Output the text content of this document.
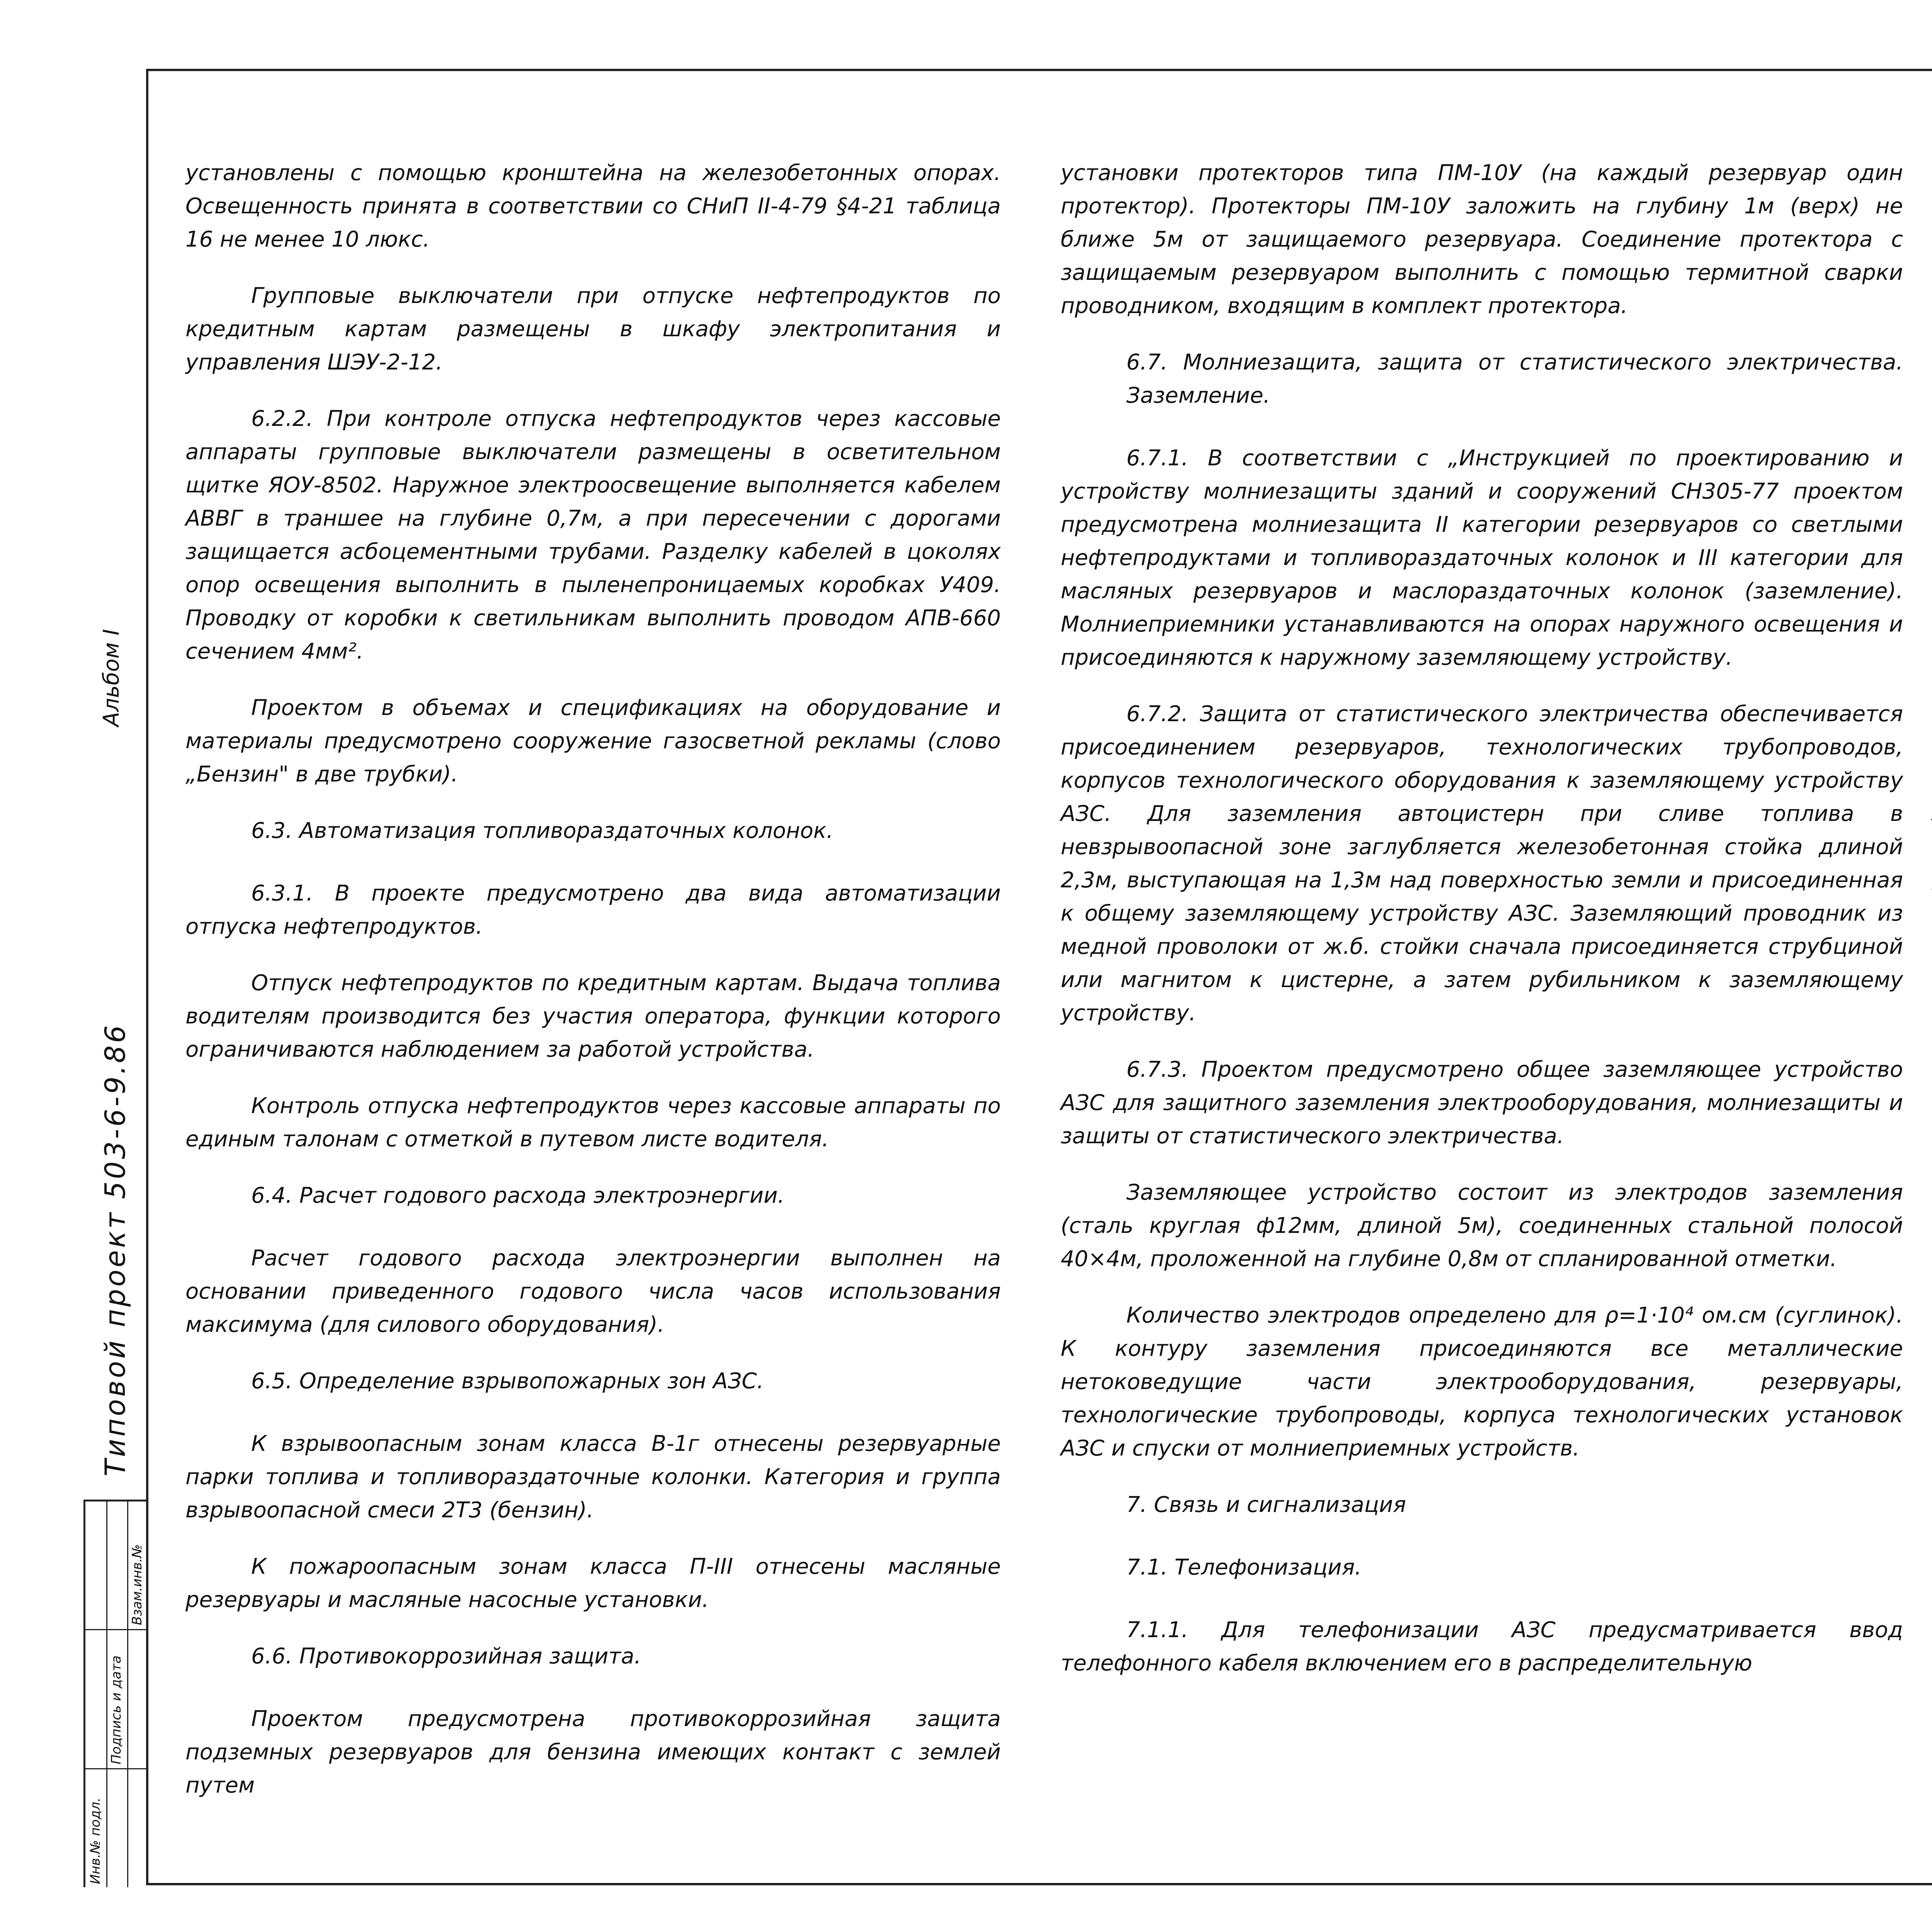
Альбом I
Типовой проект 503-6-9.86
Инв.№ подл.
Подпись и дата
Взам.инв.№

установлены с помощью кронштейна на железобетонных опорах. Освещенность принята в соответствии со СНиП II-4-79 §4-21 таблица 16 не менее 10 люкс.

Групповые выключатели при отпуске нефтепродуктов по кредитным картам размещены в шкафу электропитания и управления ШЭУ-2-12.

6.2.2. При контроле отпуска нефтепродуктов через кассовые аппараты групповые выключатели размещены в осветительном щитке ЯОУ-8502. Наружное электроосвещение выполняется кабелем АВВГ в траншее на глубине 0,7м, а при пересечении с дорогами защищается асбоцементными трубами. Разделку кабелей в цоколях опор освещения выполнить в пыленепроницаемых коробках У409. Проводку от коробки к светильникам выполнить проводом АПВ-660 сечением 4мм².

Проектом в объемах и спецификациях на оборудование и материалы предусмотрено сооружение газосветной рекламы (слово „Бензин" в две трубки).

6.3. Автоматизация топливораздаточных колонок.

6.3.1. В проекте предусмотрено два вида автоматизации отпуска нефтепродуктов.

Отпуск нефтепродуктов по кредитным картам. Выдача топлива водителям производится без участия оператора, функции которого ограничиваются наблюдением за работой устройства.

Контроль отпуска нефтепродуктов через кассовые аппараты по единым талонам с отметкой в путевом листе водителя.

6.4. Расчет годового расхода электроэнергии.

Расчет годового расхода электроэнергии выполнен на основании приведенного годового числа часов использования максимума (для силового оборудования).

6.5. Определение взрывопожарных зон АЗС.

К взрывоопасным зонам класса В-1г отнесены резервуарные парки топлива и топливораздаточные колонки. Категория и группа взрывоопасной смеси 2Т3 (бензин).

К пожароопасным зонам класса П-III отнесены масляные резервуары и масляные насосные установки.

6.6. Противокоррозийная защита.

Проектом предусмотрена противокоррозийная защита подземных резервуаров для бензина имеющих контакт с землей путем

установки протекторов типа ПМ-10У (на каждый резервуар один протектор). Протекторы ПМ-10У заложить на глубину 1м (верх) не ближе 5м от защищаемого резервуара. Соединение протектора с защищаемым резервуаром выполнить с помощью термитной сварки проводником, входящим в комплект протектора.

6.7. Молниезащита, защита от статистического электричества. Заземление.

6.7.1. В соответствии с „Инструкцией по проектированию и устройству молниезащиты зданий и сооружений СН305-77 проектом предусмотрена молниезащита II категории резервуаров со светлыми нефтепродуктами и топливораздаточных колонок и III категории для масляных резервуаров и маслораздаточных колонок (заземление). Молниеприемники устанавливаются на опорах наружного освещения и присоединяются к наружному заземляющему устройству.

6.7.2. Защита от статистического электричества обеспечивается присоединением резервуаров, технологических трубопроводов, корпусов технологического оборудования к заземляющему устройству АЗС. Для заземления автоцистерн при сливе топлива в невзрывоопасной зоне заглубляется железобетонная стойка длиной 2,3м, выступающая на 1,3м над поверхностью земли и присоединенная к общему заземляющему устройству АЗС. Заземляющий проводник из медной проволоки от ж.б. стойки сначала присоединяется струбциной или магнитом к цистерне, а затем рубильником к заземляющему устройству.

6.7.3. Проектом предусмотрено общее заземляющее устройство АЗС для защитного заземления электрооборудования, молниезащиты и защиты от статистического электричества.

Заземляющее устройство состоит из электродов заземления (сталь круглая ф12мм, длиной 5м), соединенных стальной полосой 40×4м, проложенной на глубине 0,8м от спланированной отметки.

Количество электродов определено для ρ=1·10⁴ ом.см (суглинок). К контуру заземления присоединяются все металлические нетоковедущие части электрооборудования, резервуары, технологические трубопроводы, корпуса технологических установок АЗС и спуски от молниеприемных устройств.

7. Связь и сигнализация
7.1. Телефонизация.

7.1.1. Для телефонизации АЗС предусматривается ввод телефонного кабеля включением его в распределительную
